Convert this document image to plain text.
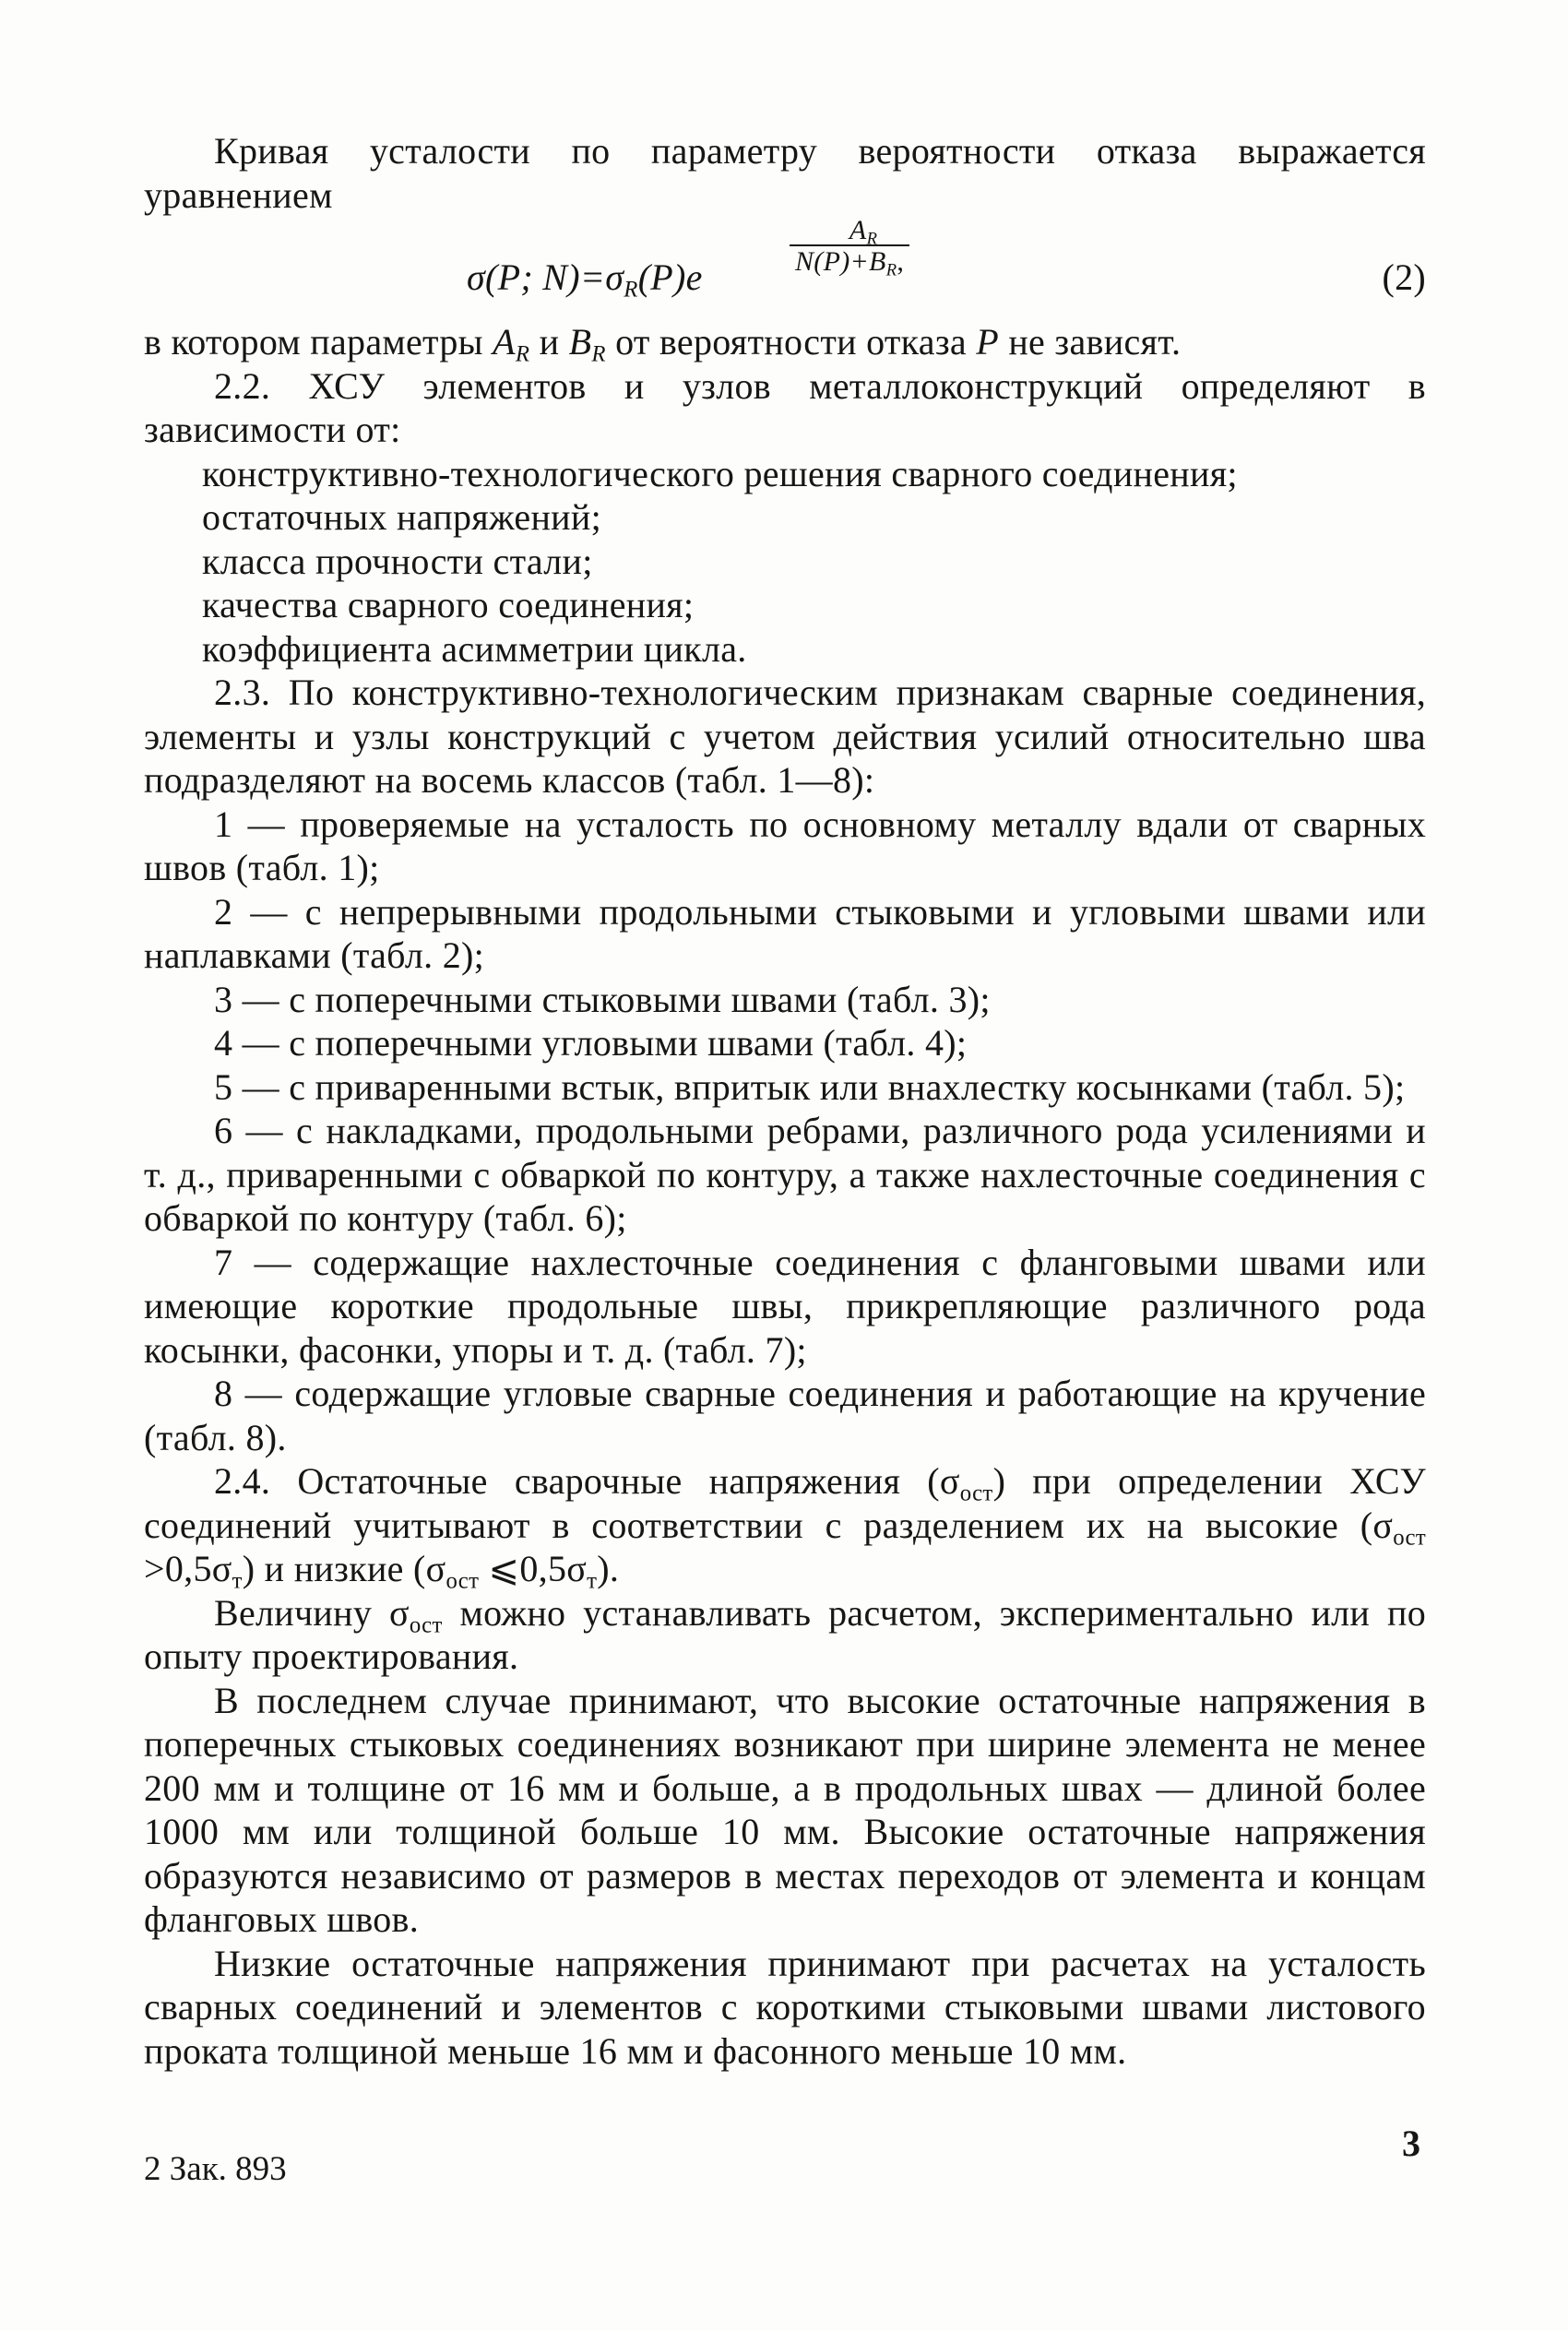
Кривая усталости по параметру вероятности отказа выражается уравнением

σ(P; $N)=\sigma_R(P)e$
$\frac{A_R}{N(P)+B_R,}$
(2)

в котором параметры $A_R$ и $B_R$ от вероятности отказа P не зависят.

2.2. ХСУ элементов и узлов металлоконструкций определяют в зависимости от:

конструктивно-технологического решения сварного соединения;

остаточных напряжений;

класса прочности стали;

качества сварного соединения;

коэффициента асимметрии цикла.

2.3. По конструктивно-технологическим признакам сварные соединения, элементы и узлы конструкций с учетом действия усилий относительно шва подразделяют на восемь классов (табл. 1—8):

1 — проверяемые на усталость по основному металлу вдали от сварных швов (табл. 1);

2 — с непрерывными продольными стыковыми и угловыми швами или наплавками (табл. 2);

3 — с поперечными стыковыми швами (табл. 3);

4 — с поперечными угловыми швами (табл. 4);

5 — с приваренными встык, впритык или внахлестку косынками (табл. 5);

6 — с накладками, продольными ребрами, различного рода усилениями и т. д., приваренными с обваркой по контуру, а также нахлесточные соединения с обваркой по контуру (табл. 6);

7 — содержащие нахлесточные соединения с фланговыми швами или имеющие короткие продольные швы, прикрепляющие различного рода косынки, фасонки, упоры и т. д. (табл. 7);

8 — содержащие угловые сварные соединения и работающие на кручение (табл. 8).

2.4. Остаточные сварочные напряжения $(\sigma_{ост})$ при определении ХСУ соединений учитывают в соответствии с разделением их на высокие $(\sigma_{ост} >0,5\sigma_т)$ и низкие ($\sigma_{ост}$ $⩽0,5\sigma_т$).

Величину $\sigma_{ост}$ можно устанавливать расчетом, экспериментально или по опыту проектирования.

В последнем случае принимают, что высокие остаточные напряжения в поперечных стыковых соединениях возникают при ширине элемента не менее 200 мм и толщине от 16 мм и больше, а в продольных швах — длиной более 1000 мм или толщиной больше 10 мм. Высокие остаточные напряжения образуются независимо от размеров в местах переходов от элемента и концам фланговых швов.

Низкие остаточные напряжения принимают при расчетах на усталость сварных соединений и элементов с короткими стыковыми швами листового проката толщиной меньше 16 мм и фасонного меньше 10 мм.

2 Зак. 893
3
